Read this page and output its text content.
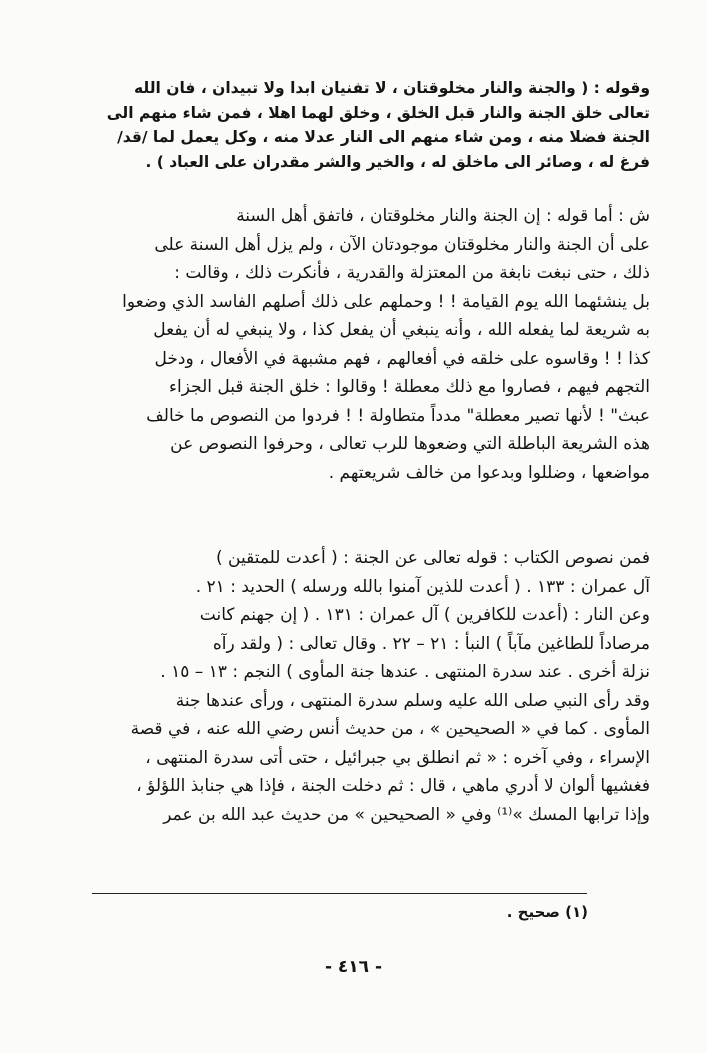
وقوله : ( والجنة والنار مخلوقتان ، لا تفنيان ابدا ولا تبيدان ، فان الله
تعالى خلق الجنة والنار قبل الخلق ، وخلق لهما اهلا ، فمن شاء منهم الى
الجنة فضلا منه ، ومن شاء منهم الى النار عدلا منه ، وكل يعمل لما /قد/
فرغ له ، وصائر الى ماخلق له ، والخير والشر مقدران على العباد ) .
ش : أما قوله : إن الجنة والنار مخلوقتان ، فاتفق أهل السنة
على أن الجنة والنار مخلوقتان موجودتان الآن ، ولم يزل أهل السنة على
ذلك ، حتى نبغت نابغة من المعتزلة والقدرية ، فأنكرت ذلك ، وقالت :
بل ينشئهما الله يوم القيامة ! ! وحملهم على ذلك أصلهم الفاسد الذي وضعوا
به شريعة لما يفعله الله ، وأنه ينبغي أن يفعل كذا ، ولا ينبغي له أن يفعل
كذا ! ! وقاسوه على خلقه في أفعالهم ، فهم مشبهة في الأفعال ، ودخل
التجهم فيهم ، فصاروا مع ذلك معطلة ! وقالوا : خلق الجنة قبل الجزاء
عبث" ! لأنها تصير معطلة" مدداً متطاولة ! ! فردوا من النصوص ما خالف
هذه الشريعة الباطلة التي وضعوها للرب تعالى ، وحرفوا النصوص عن
مواضعها ، وضللوا وبدعوا من خالف شريعتهم .
فمن نصوص الكتاب : قوله تعالى عن الجنة : ( أعدت للمتقين )
آل عمران : ١٣٣ . ( أعدت للذين آمنوا بالله ورسله ) الحديد : ٢١ .
وعن النار : (أعدت للكافرين ) آل عمران : ١٣١ . ( إن جهنم كانت
مرصاداً للطاغين مآباً ) النبأ : ٢١ – ٢٢ . وقال تعالى : ( ولقد رآه
نزلة أخرى . عند سدرة المنتهى . عندها جنة المأوى ) النجم : ١٣ – ١٥ .
وقد رأى النبي صلى الله عليه وسلم سدرة المنتهى ، ورأى عندها جنة
المأوى . كما في « الصحيحين » ، من حديث أنس رضي الله عنه ، في قصة
الإسراء ، وفي آخره : « ثم انطلق بي جبرائيل ، حتى أتى سدرة المنتهى ،
فغشيها ألوان لا أدري ماهي ، قال : ثم دخلت الجنة ، فإذا هي جنابذ اللؤلؤ ،
وإذا ترابها المسك »⁽¹⁾ وفي « الصحيحين » من حديث عبد الله بن عمر
(١) صحيح .
- ٤١٦ -
